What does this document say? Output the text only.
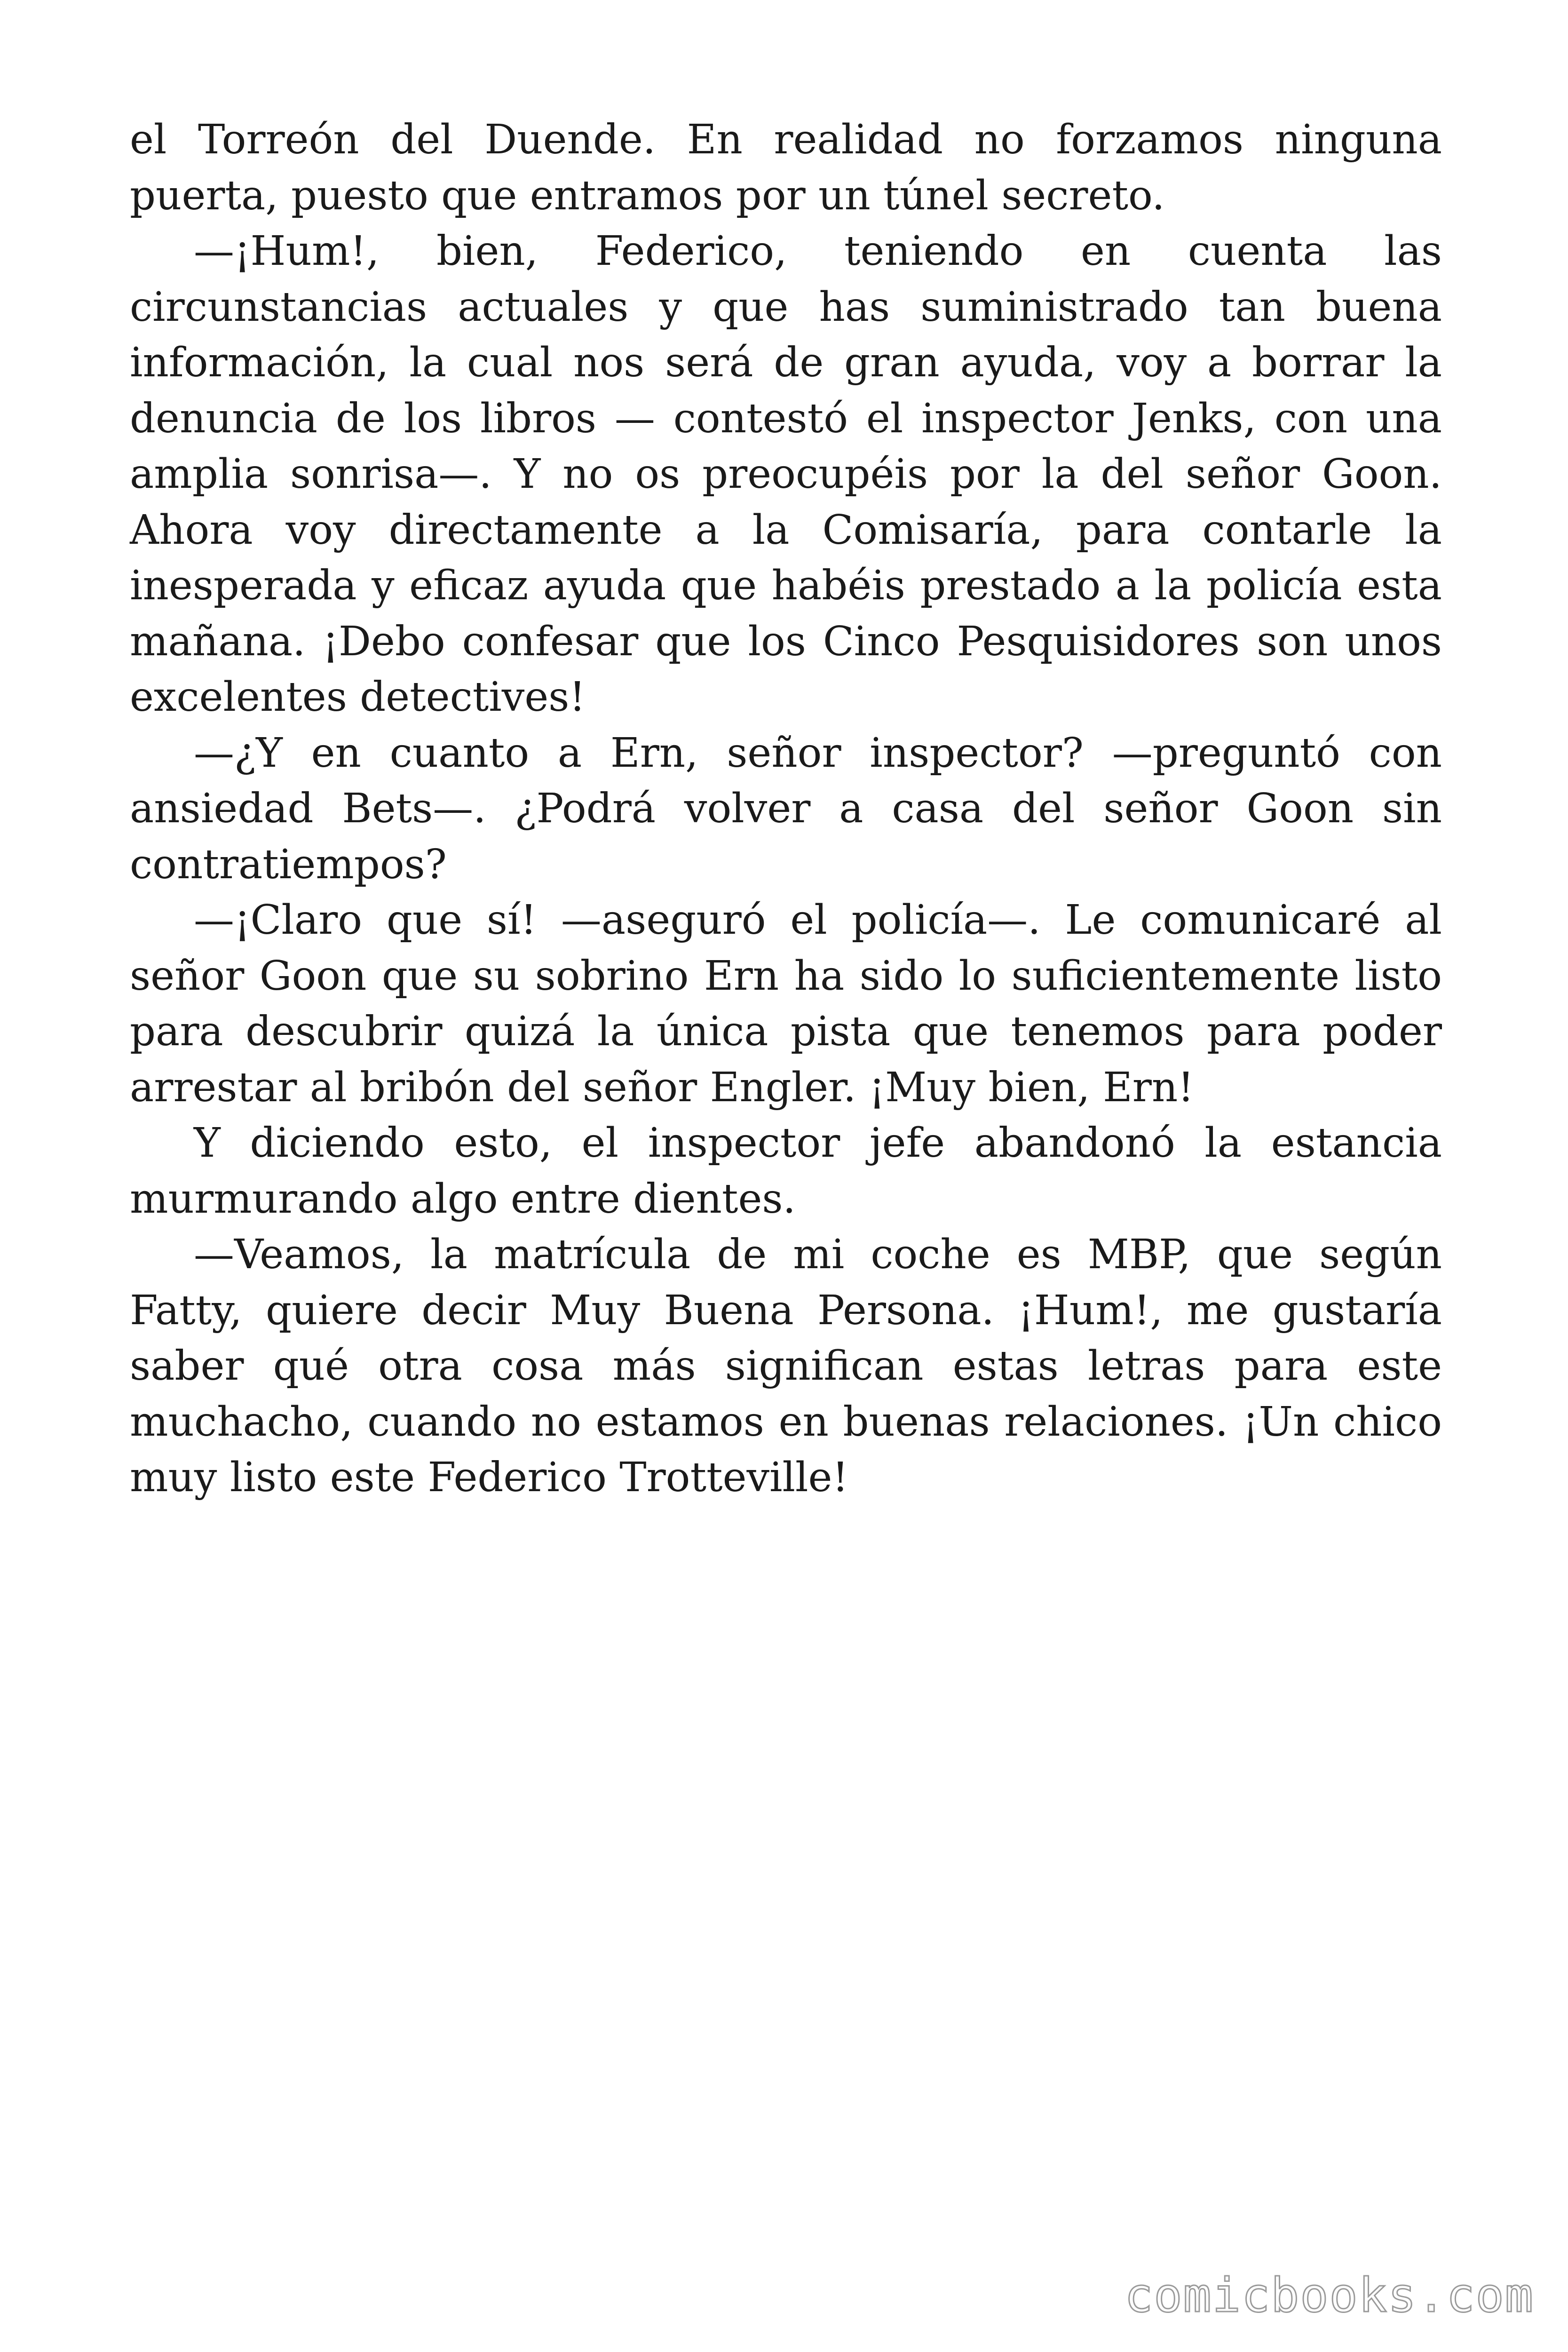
el Torreón del Duende. En realidad no forzamos ninguna puerta, puesto que entramos por un túnel secreto.

—¡Hum!, bien, Federico, teniendo en cuenta las circunstancias actuales y que has suministrado tan buena información, la cual nos será de gran ayuda, voy a borrar la denuncia de los libros — contestó el inspector Jenks, con una amplia sonrisa—. Y no os preocupéis por la del señor Goon. Ahora voy directamente a la Comisaría, para contarle la inesperada y eficaz ayuda que habéis prestado a la policía esta mañana. ¡Debo confesar que los Cinco Pesquisidores son unos excelentes detectives!

—¿Y en cuanto a Ern, señor inspector? —preguntó con ansiedad Bets—. ¿Podrá volver a casa del señor Goon sin contratiempos?

—¡Claro que sí! —aseguró el policía—. Le comunicaré al señor Goon que su sobrino Ern ha sido lo suficientemente listo para descubrir quizá la única pista que tenemos para poder arrestar al bribón del señor Engler. ¡Muy bien, Ern!

Y diciendo esto, el inspector jefe abandonó la estancia murmurando algo entre dientes.

—Veamos, la matrícula de mi coche es MBP, que según Fatty, quiere decir Muy Buena Persona. ¡Hum!, me gustaría saber qué otra cosa más significan estas letras para este muchacho, cuando no estamos en buenas relaciones. ¡Un chico muy listo este Federico Trotteville!

comicbooks.com
